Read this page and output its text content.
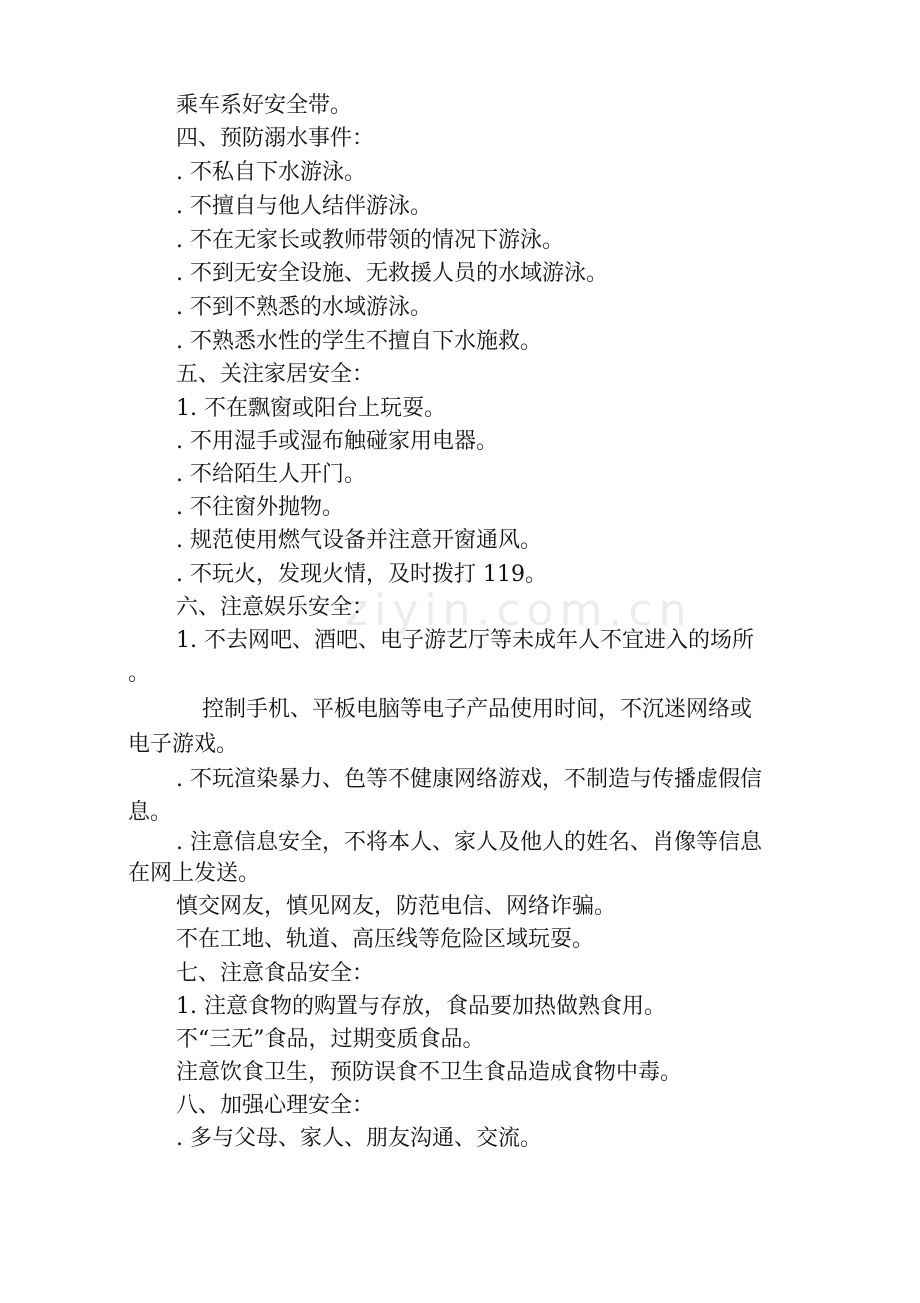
ziyin.com.cn
乘车系好安全带。
四、预防溺水事件：
. 不私自下水游泳。
. 不擅自与他人结伴游泳。
. 不在无家长或教师带领的情况下游泳。
. 不到无安全设施、无救援人员的水域游泳。
. 不到不熟悉的水域游泳。
. 不熟悉水性的学生不擅自下水施救。
五、关注家居安全：
1. 不在飘窗或阳台上玩耍。
. 不用湿手或湿布触碰家用电器。
. 不给陌生人开门。
. 不往窗外抛物。
. 规范使用燃气设备并注意开窗通风。
. 不玩火，发现火情，及时拨打 119。
六、注意娱乐安全：
1. 不去网吧、酒吧、电子游艺厅等未成年人不宜进入的场所
。
控制手机、平板电脑等电子产品使用时间，不沉迷网络或
电子游戏。
. 不玩渲染暴力、色等不健康网络游戏，不制造与传播虚假信
息。
. 注意信息安全，不将本人、家人及他人的姓名、肖像等信息
在网上发送。
慎交网友，慎见网友，防范电信、网络诈骗。
不在工地、轨道、高压线等危险区域玩耍。
七、注意食品安全：
1. 注意食物的购置与存放，食品要加热做熟食用。
不“三无”食品，过期变质食品。
注意饮食卫生，预防误食不卫生食品造成食物中毒。
八、加强心理安全：
. 多与父母、家人、朋友沟通、交流。
